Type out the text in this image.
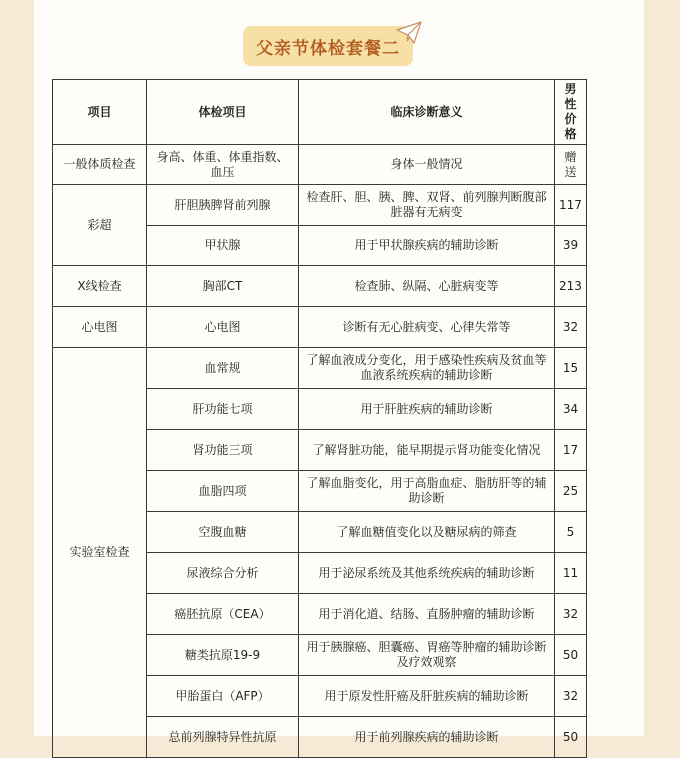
父亲节体检套餐二
项目	体检项目	临床诊断意义	男性价格
一般体质检查	身高、体重、体重指数、血压	身体一般情况	赠送
彩超	肝胆胰脾肾前列腺	检查肝、胆、胰、脾、双肾、前列腺判断腹部脏器有无病变	117
	甲状腺	用于甲状腺疾病的辅助诊断	39
X线检查	胸部CT	检查肺、纵隔、心脏病变等	213
心电图	心电图	诊断有无心脏病变、心律失常等	32
实验室检查	血常规	了解血液成分变化，用于感染性疾病及贫血等血液系统疾病的辅助诊断	15
	肝功能七项	用于肝脏疾病的辅助诊断	34
	肾功能三项	了解肾脏功能，能早期提示肾功能变化情况	17
	血脂四项	了解血脂变化，用于高脂血症、脂肪肝等的辅助诊断	25
	空腹血糖	了解血糖值变化以及糖尿病的筛查	5
	尿液综合分析	用于泌尿系统及其他系统疾病的辅助诊断	11
	癌胚抗原（CEA）	用于消化道、结肠、直肠肿瘤的辅助诊断	32
	糖类抗原19-9	用于胰腺癌、胆囊癌、胃癌等肿瘤的辅助诊断及疗效观察	50
	甲胎蛋白（AFP）	用于原发性肝癌及肝脏疾病的辅助诊断	32
	总前列腺特异性抗原	用于前列腺疾病的辅助诊断	50
